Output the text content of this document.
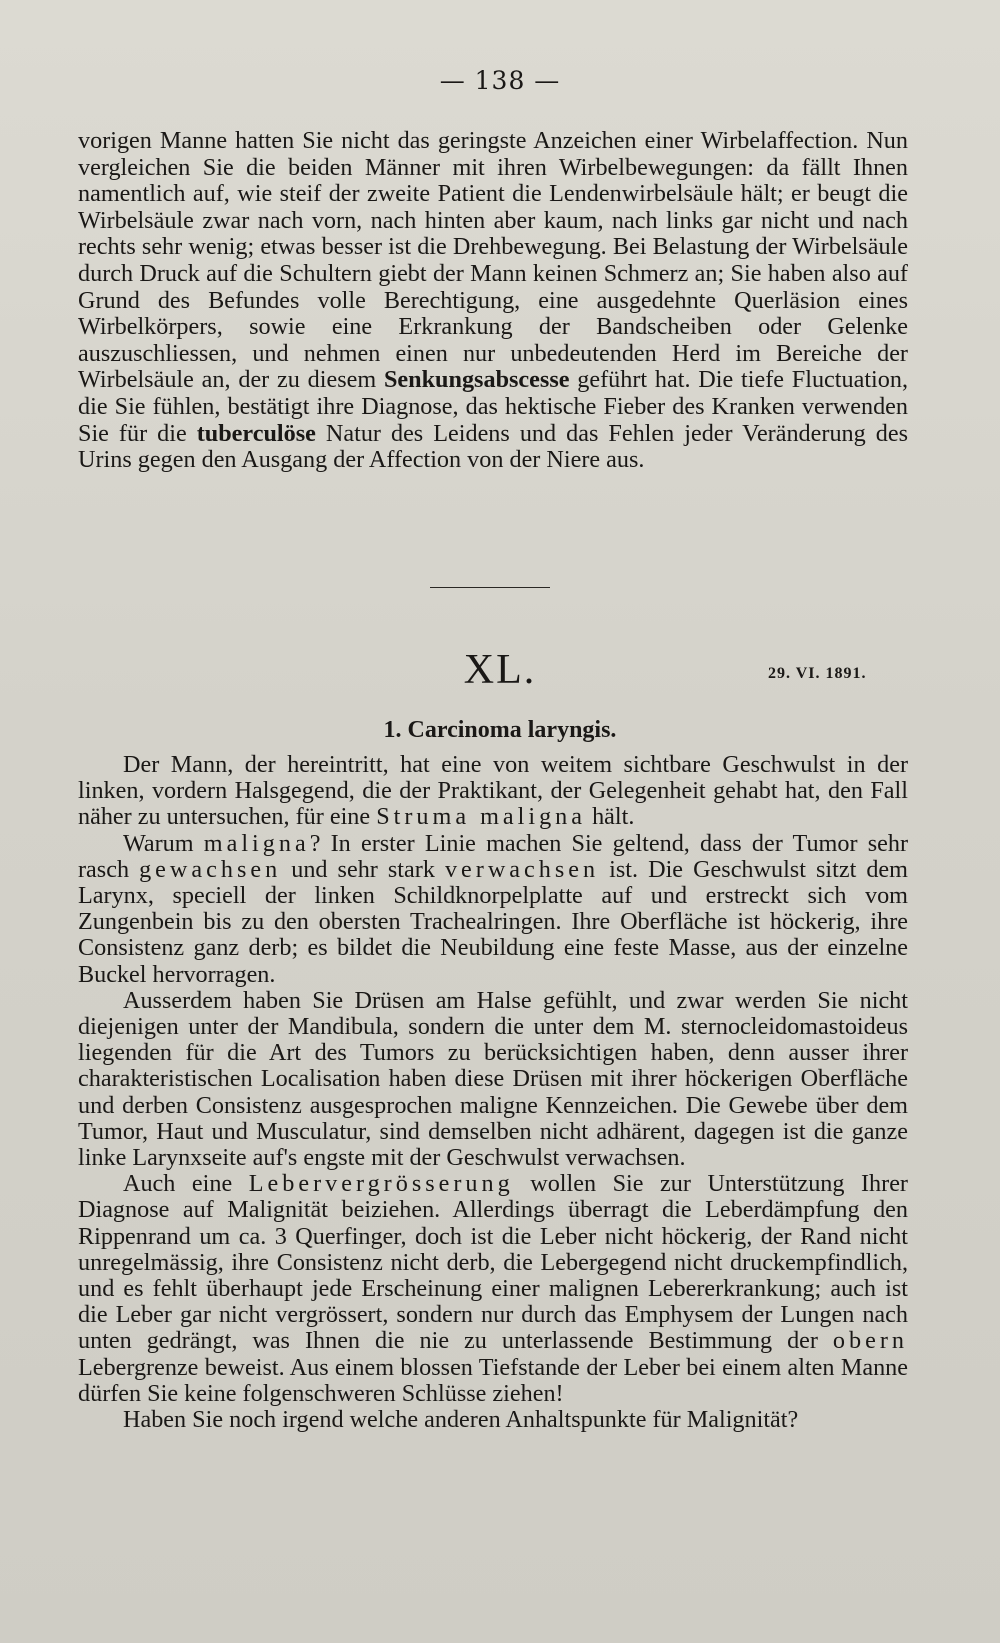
— 138 —

vorigen Manne hatten Sie nicht das geringste Anzeichen einer Wirbelaffection. Nun vergleichen Sie die beiden Männer mit ihren Wirbelbewegungen: da fällt Ihnen namentlich auf, wie steif der zweite Patient die Lendenwirbelsäule hält; er beugt die Wirbelsäule zwar nach vorn, nach hinten aber kaum, nach links gar nicht und nach rechts sehr wenig; etwas besser ist die Drehbewegung. Bei Belastung der Wirbelsäule durch Druck auf die Schultern giebt der Mann keinen Schmerz an; Sie haben also auf Grund des Befundes volle Berechtigung, eine ausgedehnte Querläsion eines Wirbelkörpers, sowie eine Erkrankung der Bandscheiben oder Gelenke auszuschliessen, und nehmen einen nur unbedeutenden Herd im Bereiche der Wirbelsäule an, der zu diesem Senkungsabscesse geführt hat. Die tiefe Fluctuation, die Sie fühlen, bestätigt ihre Diagnose, das hektische Fieber des Kranken verwenden Sie für die tuberculöse Natur des Leidens und das Fehlen jeder Veränderung des Urins gegen den Ausgang der Affection von der Niere aus.

XL.	29. VI. 1891.
1. Carcinoma laryngis.

Der Mann, der hereintritt, hat eine von weitem sichtbare Geschwulst in der linken, vordern Halsgegend, die der Praktikant, der Gelegenheit gehabt hat, den Fall näher zu untersuchen, für eine Struma maligna hält.

Warum maligna? In erster Linie machen Sie geltend, dass der Tumor sehr rasch gewachsen und sehr stark verwachsen ist. Die Geschwulst sitzt dem Larynx, speciell der linken Schildknorpelplatte auf und erstreckt sich vom Zungenbein bis zu den obersten Trachealringen. Ihre Oberfläche ist höckerig, ihre Consistenz ganz derb; es bildet die Neubildung eine feste Masse, aus der einzelne Buckel hervorragen.

Ausserdem haben Sie Drüsen am Halse gefühlt, und zwar werden Sie nicht diejenigen unter der Mandibula, sondern die unter dem M. sternocleidomastoideus liegenden für die Art des Tumors zu berücksichtigen haben, denn ausser ihrer charakteristischen Localisation haben diese Drüsen mit ihrer höckerigen Oberfläche und derben Consistenz ausgesprochen maligne Kennzeichen. Die Gewebe über dem Tumor, Haut und Musculatur, sind demselben nicht adhärent, dagegen ist die ganze linke Larynxseite auf's engste mit der Geschwulst verwachsen.

Auch eine Lebervergrösserung wollen Sie zur Unterstützung Ihrer Diagnose auf Malignität beiziehen. Allerdings überragt die Leberdämpfung den Rippenrand um ca. 3 Querfinger, doch ist die Leber nicht höckerig, der Rand nicht unregelmässig, ihre Consistenz nicht derb, die Lebergegend nicht druckempfindlich, und es fehlt überhaupt jede Erscheinung einer malignen Lebererkrankung; auch ist die Leber gar nicht vergrössert, sondern nur durch das Emphysem der Lungen nach unten gedrängt, was Ihnen die nie zu unterlassende Bestimmung der obern Lebergrenze beweist. Aus einem blossen Tiefstande der Leber bei einem alten Manne dürfen Sie keine folgenschweren Schlüsse ziehen!

Haben Sie noch irgend welche anderen Anhaltspunkte für Malignität?
